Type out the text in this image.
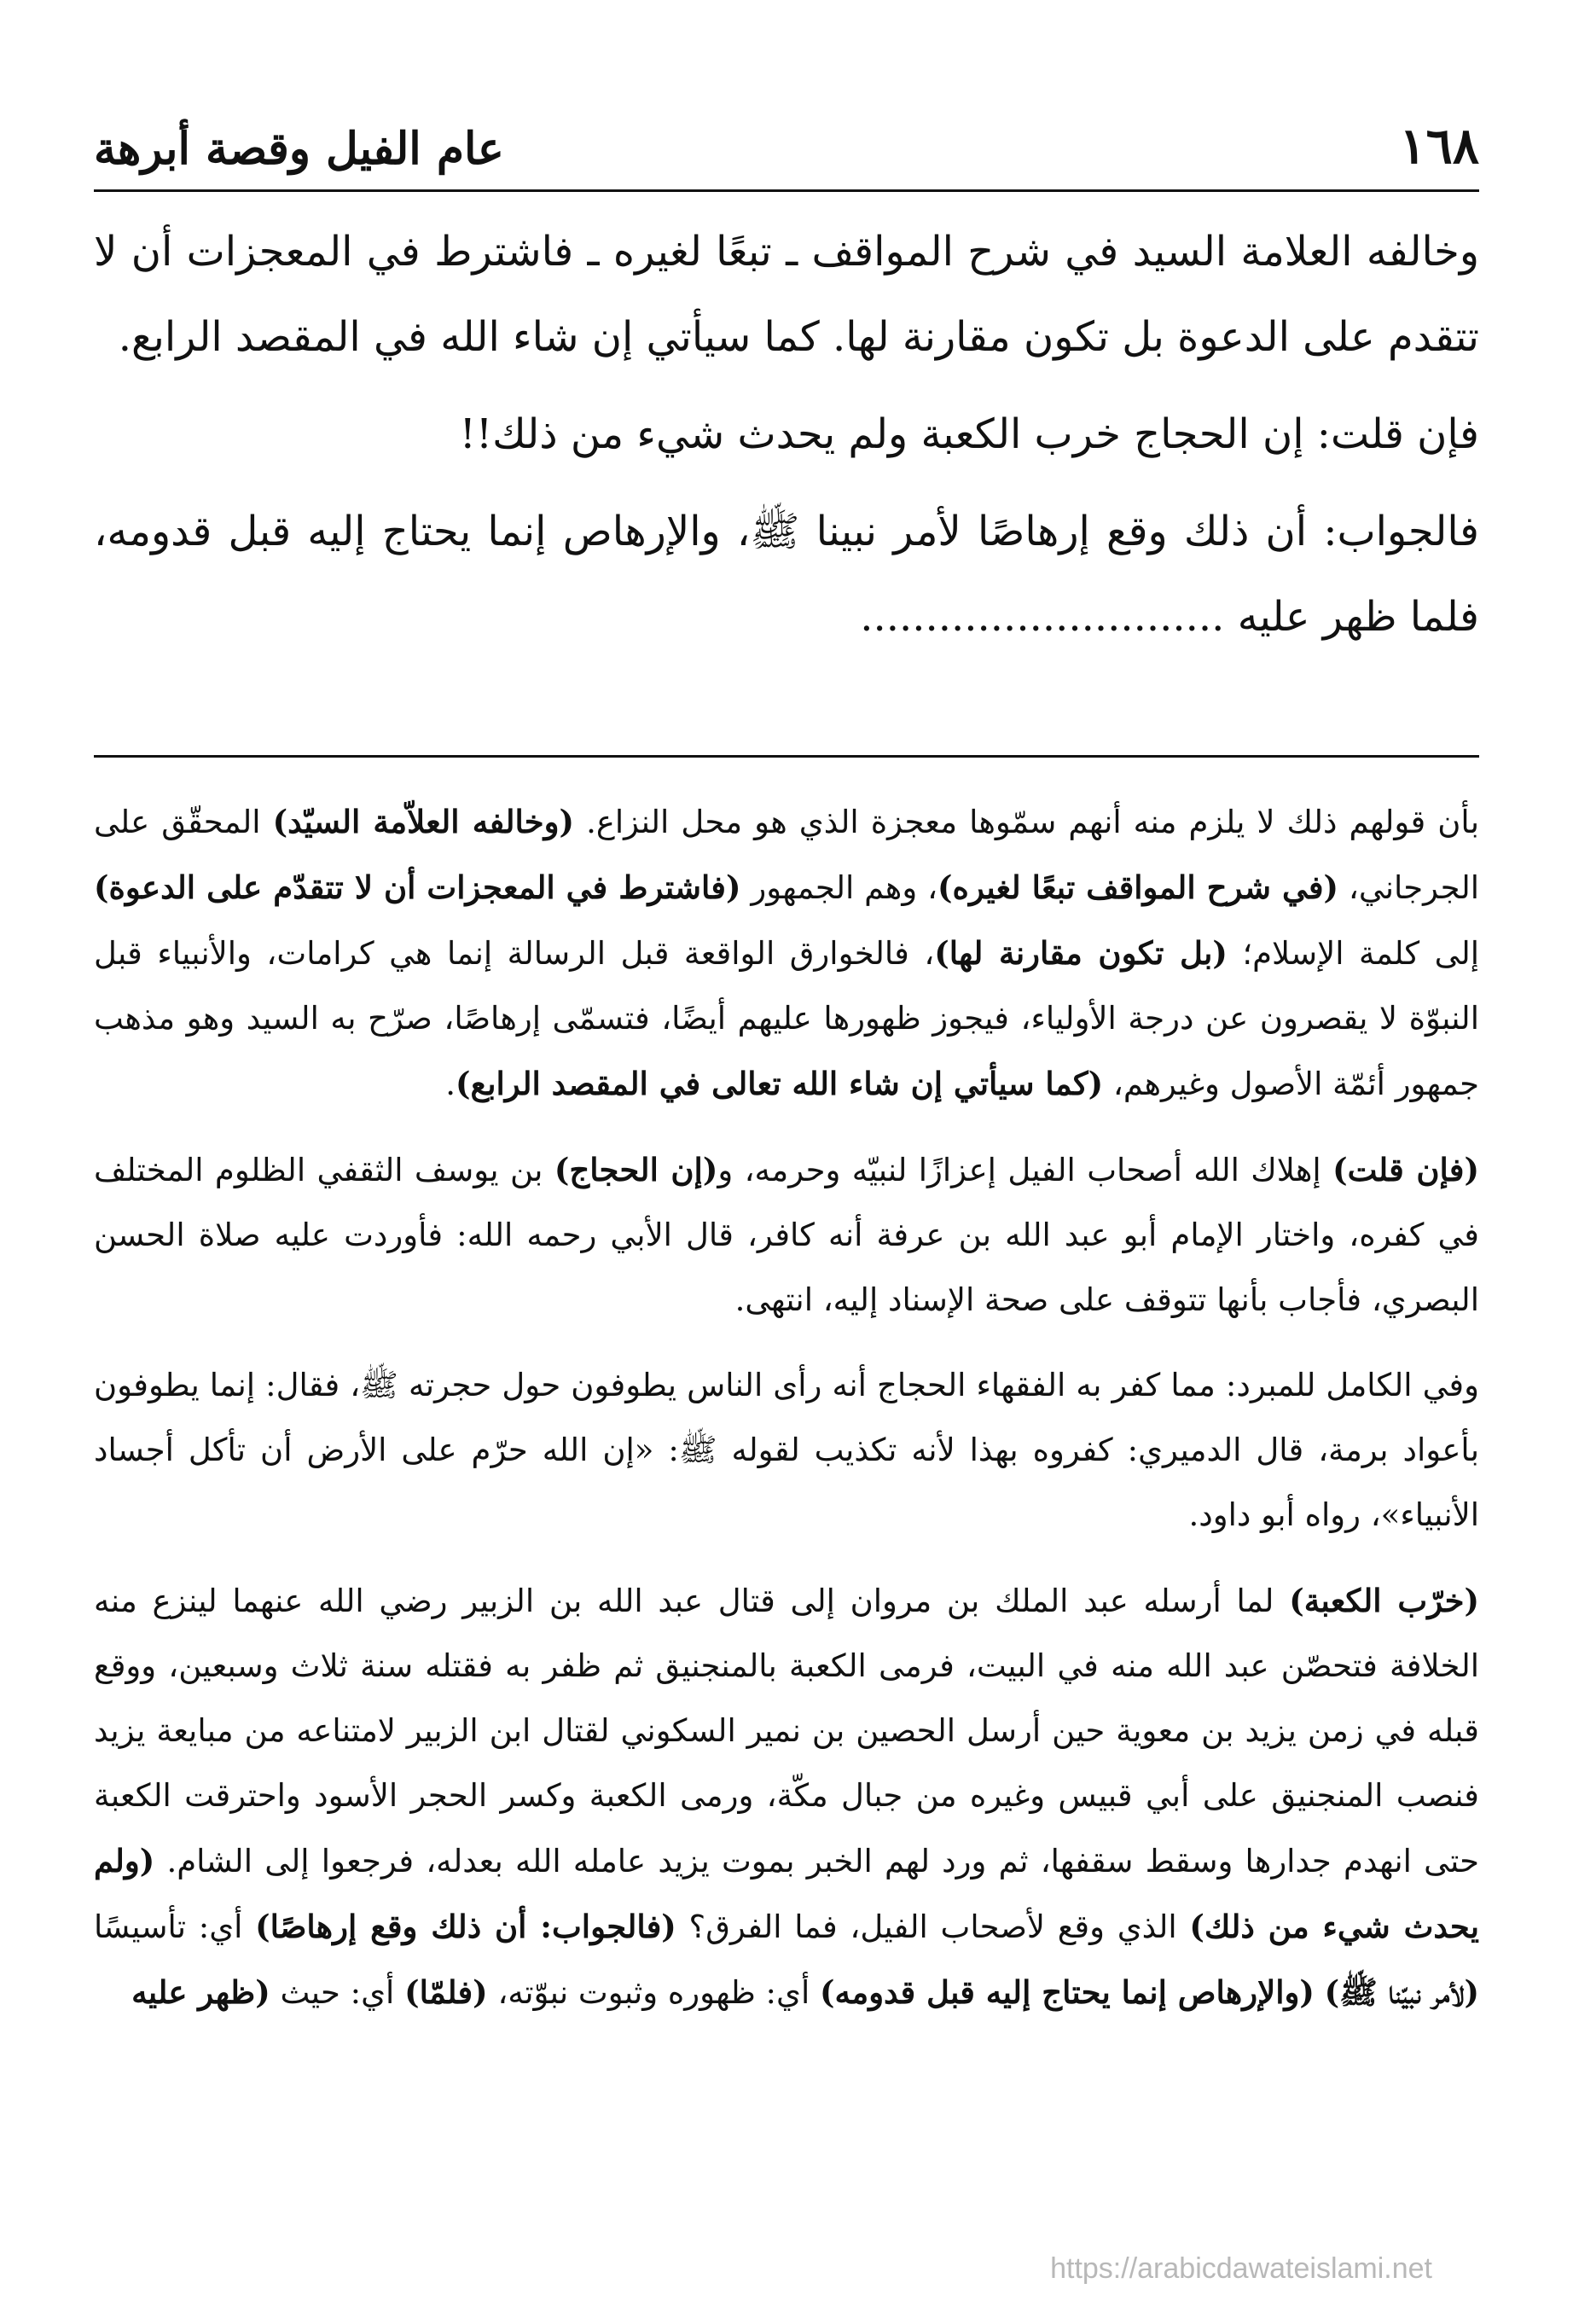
١٦٨
عام الفيل وقصة أبرهة

وخالفه العلامة السيد في شرح المواقف ـ تبعًا لغيره ـ فاشترط في المعجزات أن لا تتقدم على الدعوة بل تكون مقارنة لها. كما سيأتي إن شاء الله في المقصد الرابع.

فإن قلت: إن الحجاج خرب الكعبة ولم يحدث شيء من ذلك!!

فالجواب: أن ذلك وقع إرهاصًا لأمر نبينا ﷺ، والإرهاص إنما يحتاج إليه قبل قدومه، فلما ظهر عليه ............................

بأن قولهم ذلك لا يلزم منه أنهم سمّوها معجزة الذي هو محل النزاع. (وخالفه العلاّمة السيّد) المحقّق على الجرجاني، (في شرح المواقف تبعًا لغيره)، وهم الجمهور (فاشترط في المعجزات أن لا تتقدّم على الدعوة) إلى كلمة الإسلام؛ (بل تكون مقارنة لها)، فالخوارق الواقعة قبل الرسالة إنما هي كرامات، والأنبياء قبل النبوّة لا يقصرون عن درجة الأولياء، فيجوز ظهورها عليهم أيضًا، فتسمّى إرهاصًا، صرّح به السيد وهو مذهب جمهور أئمّة الأصول وغيرهم، (كما سيأتي إن شاء الله تعالى في المقصد الرابع).

(فإن قلت) إهلاك الله أصحاب الفيل إعزازًا لنبيّه وحرمه، و(إن الحجاج) بن يوسف الثقفي الظلوم المختلف في كفره، واختار الإمام أبو عبد الله بن عرفة أنه كافر، قال الأبي رحمه الله: فأوردت عليه صلاة الحسن البصري، فأجاب بأنها تتوقف على صحة الإسناد إليه، انتهى.

وفي الكامل للمبرد: مما كفر به الفقهاء الحجاج أنه رأى الناس يطوفون حول حجرته ﷺ، فقال: إنما يطوفون بأعواد برمة، قال الدميري: كفروه بهذا لأنه تكذيب لقوله ﷺ: «إن الله حرّم على الأرض أن تأكل أجساد الأنبياء»، رواه أبو داود.

(خرّب الكعبة) لما أرسله عبد الملك بن مروان إلى قتال عبد الله بن الزبير رضي الله عنهما لينزع منه الخلافة فتحصّن عبد الله منه في البيت، فرمى الكعبة بالمنجنيق ثم ظفر به فقتله سنة ثلاث وسبعين، ووقع قبله في زمن يزيد بن معوية حين أرسل الحصين بن نمير السكوني لقتال ابن الزبير لامتناعه من مبايعة يزيد فنصب المنجنيق على أبي قبيس وغيره من جبال مكّة، ورمى الكعبة وكسر الحجر الأسود واحترقت الكعبة حتى انهدم جدارها وسقط سقفها، ثم ورد لهم الخبر بموت يزيد عامله الله بعدله، فرجعوا إلى الشام. (ولم يحدث شيء من ذلك) الذي وقع لأصحاب الفيل، فما الفرق؟ (فالجواب: أن ذلك وقع إرهاصًا) أي: تأسيسًا (لأمر نبيّنا ﷺ) (والإرهاص إنما يحتاج إليه قبل قدومه) أي: ظهوره وثبوت نبوّته، (فلمّا) أي: حيث (ظهر عليه

https://arabicdawateislami.net
